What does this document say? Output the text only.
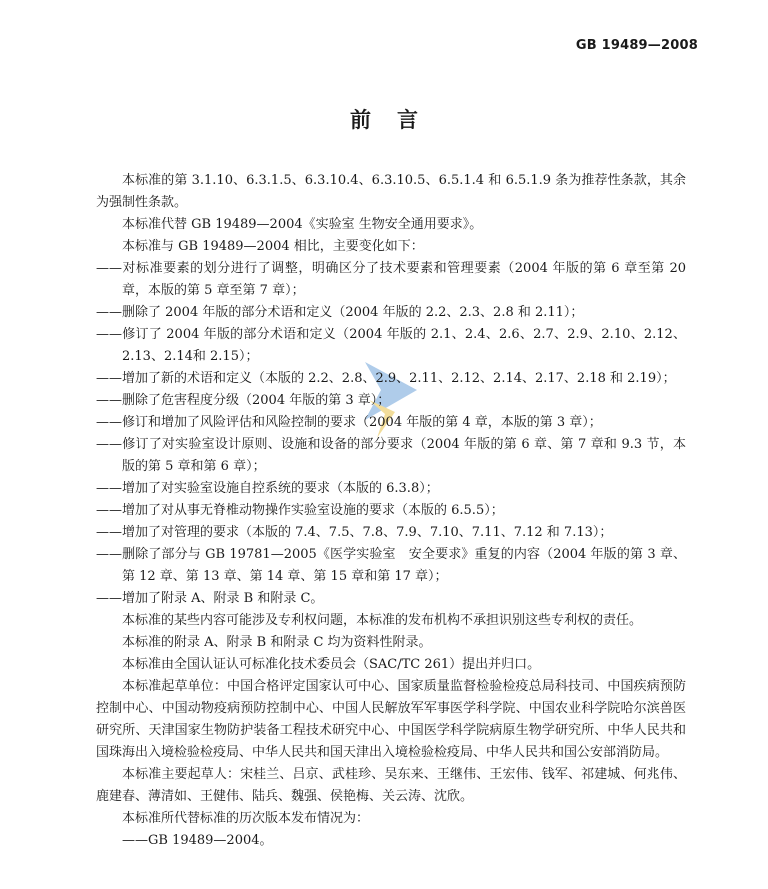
GB 19489—2008
前言

本标准的第 3.1.10、6.3.1.5、6.3.10.4、6.3.10.5、6.5.1.4 和 6.5.1.9 条为推荐性条款，其余为强制性条款。

本标准代替 GB 19489—2004《实验室 生物安全通用要求》。

本标准与 GB 19489—2004 相比，主要变化如下：

——对标准要素的划分进行了调整，明确区分了技术要素和管理要素（2004 年版的第 6 章至第 20 章，本版的第 5 章至第 7 章）；

——删除了 2004 年版的部分术语和定义（2004 年版的 2.2、2.3、2.8 和 2.11）；

——修订了 2004 年版的部分术语和定义（2004 年版的 2.1、2.4、2.6、2.7、2.9、2.10、2.12、2.13、2.14和 2.15）；

——增加了新的术语和定义（本版的 2.2、2.8、2.9、2.11、2.12、2.14、2.17、2.18 和 2.19）；

——删除了危害程度分级（2004 年版的第 3 章）；

——修订和增加了风险评估和风险控制的要求（2004 年版的第 4 章，本版的第 3 章）；

——修订了对实验室设计原则、设施和设备的部分要求（2004 年版的第 6 章、第 7 章和 9.3 节，本版的第 5 章和第 6 章）；

——增加了对实验室设施自控系统的要求（本版的 6.3.8）；

——增加了对从事无脊椎动物操作实验室设施的要求（本版的 6.5.5）；

——增加了对管理的要求（本版的 7.4、7.5、7.8、7.9、7.10、7.11、7.12 和 7.13）；

——删除了部分与 GB 19781—2005《医学实验室　安全要求》重复的内容（2004 年版的第 3 章、第 12 章、第 13 章、第 14 章、第 15 章和第 17 章）；

——增加了附录 A、附录 B 和附录 C。

本标准的某些内容可能涉及专利权问题，本标准的发布机构不承担识别这些专利权的责任。

本标准的附录 A、附录 B 和附录 C 均为资料性附录。

本标准由全国认证认可标准化技术委员会（SAC/TC 261）提出并归口。

本标准起草单位：中国合格评定国家认可中心、国家质量监督检验检疫总局科技司、中国疾病预防控制中心、中国动物疫病预防控制中心、中国人民解放军军事医学科学院、中国农业科学院哈尔滨兽医研究所、天津国家生物防护装备工程技术研究中心、中国医学科学院病原生物学研究所、中华人民共和国珠海出入境检验检疫局、中华人民共和国天津出入境检验检疫局、中华人民共和国公安部消防局。

本标准主要起草人：宋桂兰、吕京、武桂珍、吴东来、王继伟、王宏伟、钱军、祁建城、何兆伟、鹿建春、薄清如、王健伟、陆兵、魏强、侯艳梅、关云涛、沈欣。

本标准所代替标准的历次版本发布情况为：

——GB 19489—2004。
